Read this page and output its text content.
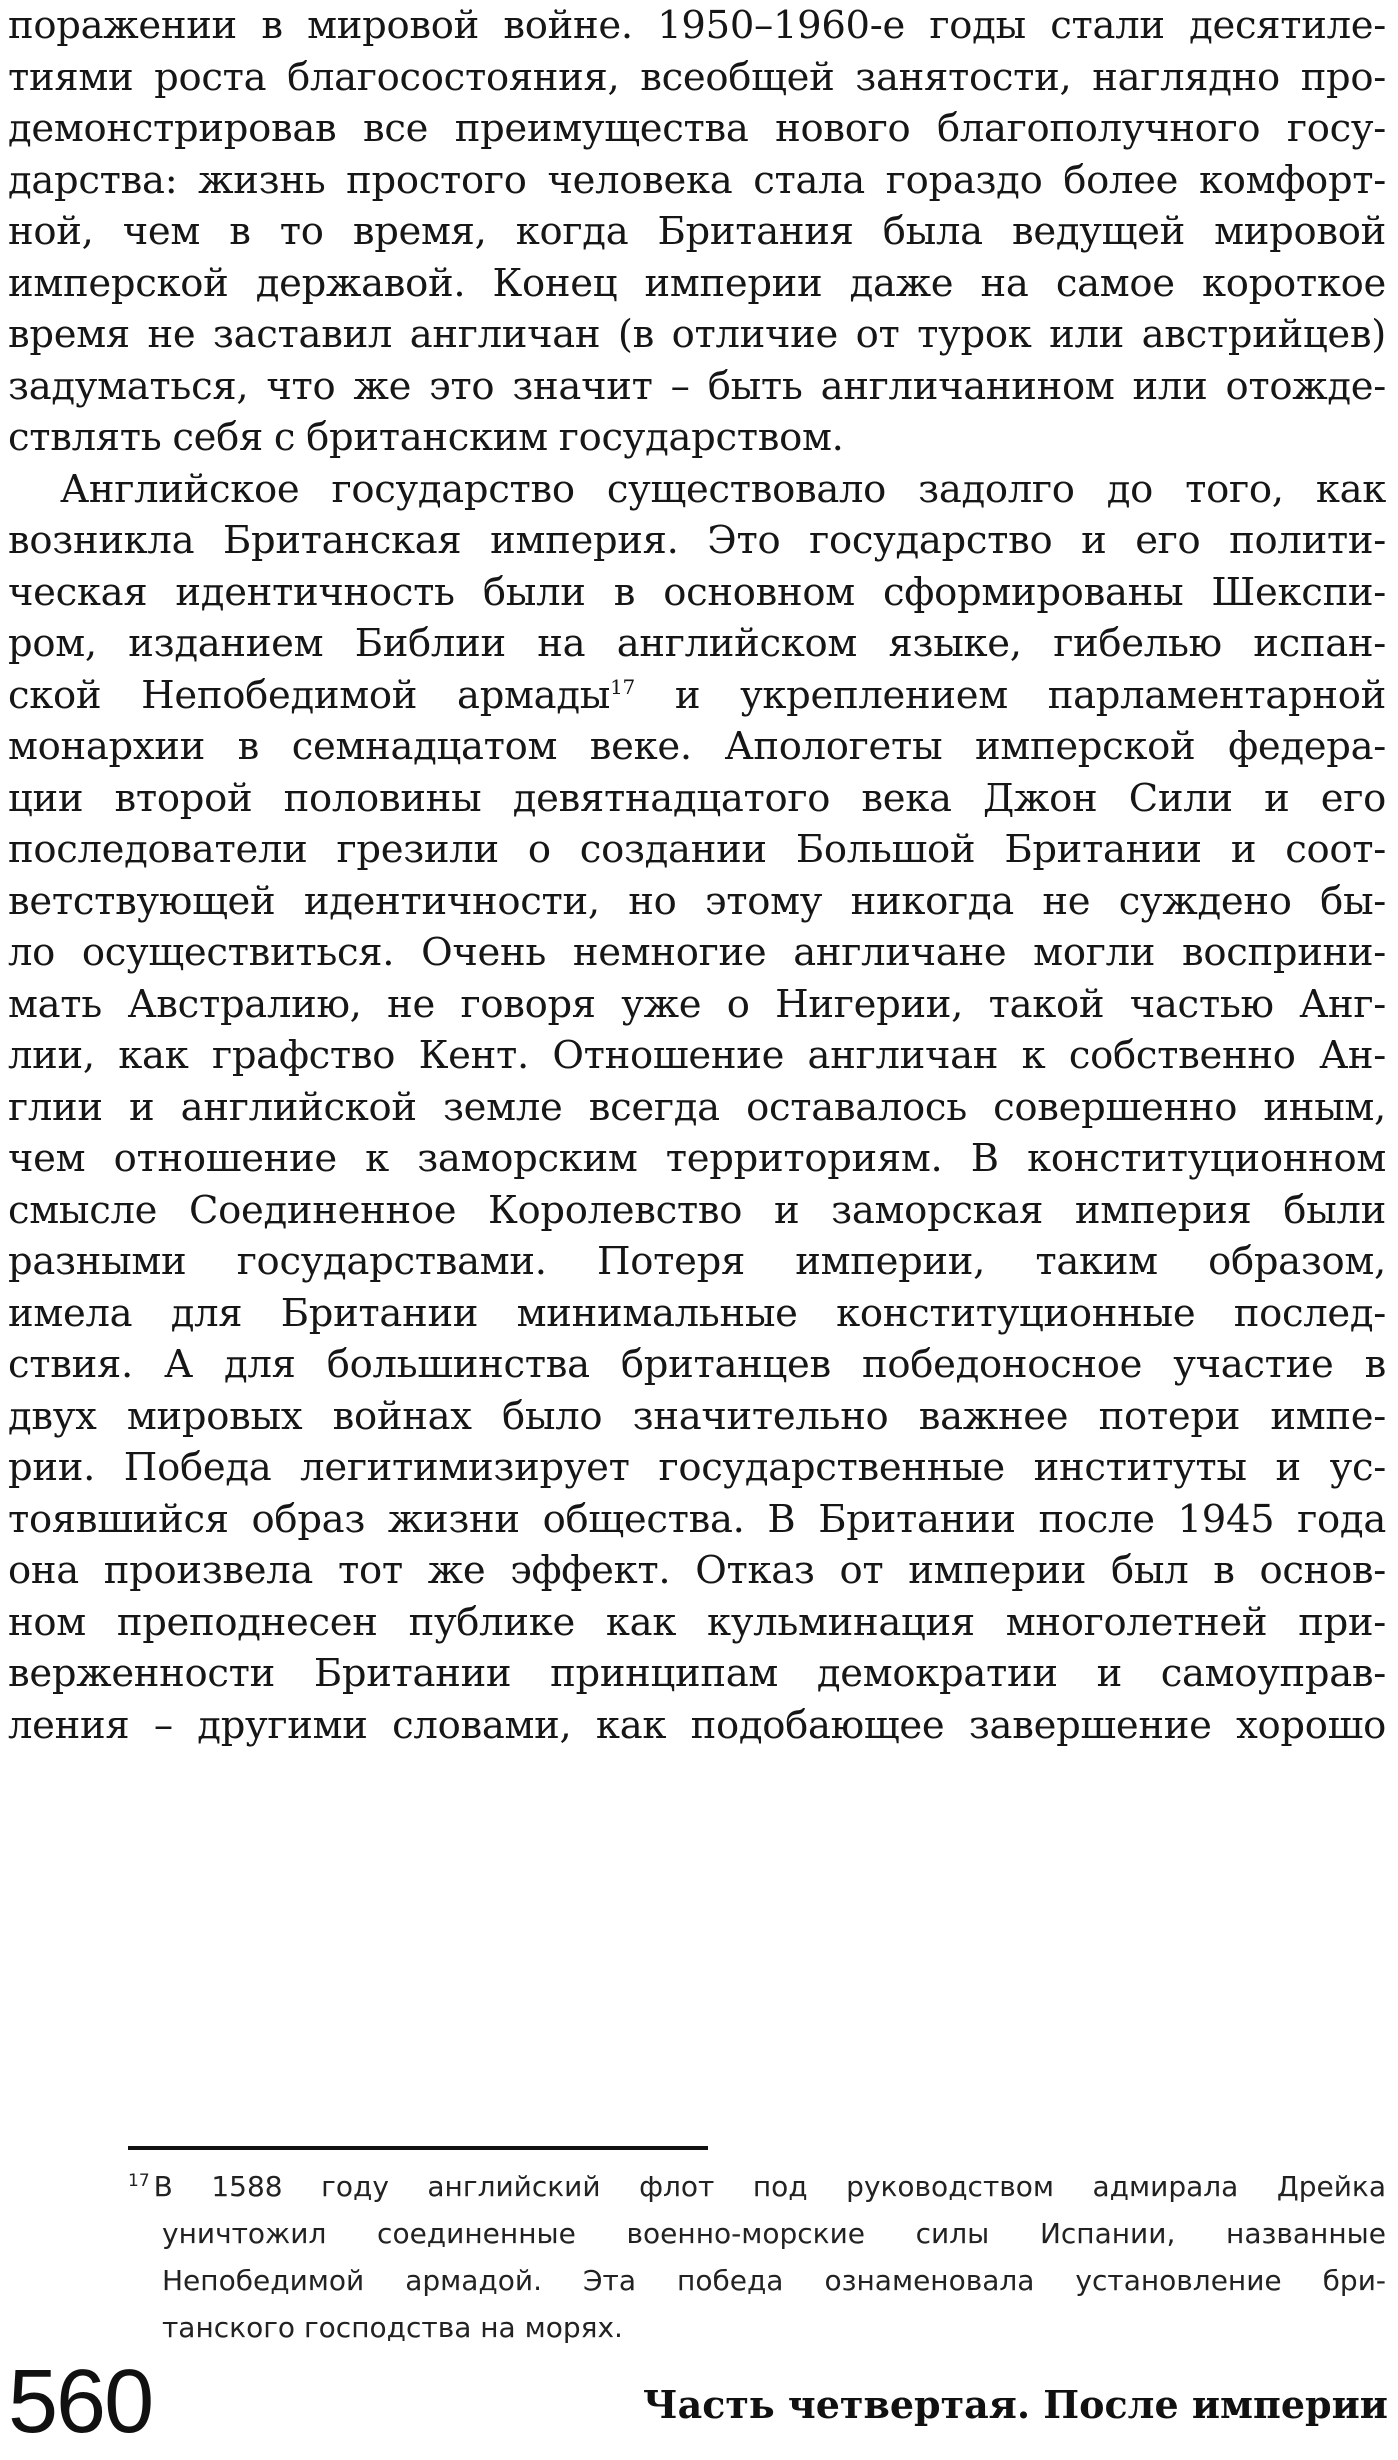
поражении в мировой войне. 1950–1960-е годы стали десятиле-
тиями роста благосостояния, всеобщей занятости, наглядно про-
демонстрировав все преимущества нового благополучного госу-
дарства: жизнь простого человека стала гораздо более комфорт-
ной, чем в то время, когда Британия была ведущей мировой
имперской державой. Конец империи даже на самое короткое
время не заставил англичан (в отличие от турок или австрийцев)
задуматься, что же это значит – быть англичанином или отожде-
ствлять себя с британским государством.
Английское государство существовало задолго до того, как
возникла Британская империя. Это государство и его полити-
ческая идентичность были в основном сформированы Шекспи-
ром, изданием Библии на английском языке, гибелью испан-
ской Непобедимой армады$^{17}$ и укреплением парламентарной
монархии в семнадцатом веке. Апологеты имперской федера-
ции второй половины девятнадцатого века Джон Сили и его
последователи грезили о создании Большой Британии и соот-
ветствующей идентичности, но этому никогда не суждено бы-
ло осуществиться. Очень немногие англичане могли восприни-
мать Австралию, не говоря уже о Нигерии, такой частью Анг-
лии, как графство Кент. Отношение англичан к собственно Ан-
глии и английской земле всегда оставалось совершенно иным,
чем отношение к заморским территориям. В конституционном
смысле Соединенное Королевство и заморская империя были
разными государствами. Потеря империи, таким образом,
имела для Британии минимальные конституционные послед-
ствия. А для большинства британцев победоносное участие в
двух мировых войнах было значительно важнее потери импе-
рии. Победа легитимизирует государственные институты и ус-
тоявшийся образ жизни общества. В Британии после 1945 года
она произвела тот же эффект. Отказ от империи был в основ-
ном преподнесен публике как кульминация многолетней при-
верженности Британии принципам демократии и самоуправ-
ления – другими словами, как подобающее завершение хорошо
$^{17}$ В 1588 году английский флот под руководством адмирала Дрейка
уничтожил соединенные военно-морские силы Испании, названные
Непобедимой армадой. Эта победа ознаменовала установление бри-
танского господства на морях.
560	Часть четвертая. После империи
